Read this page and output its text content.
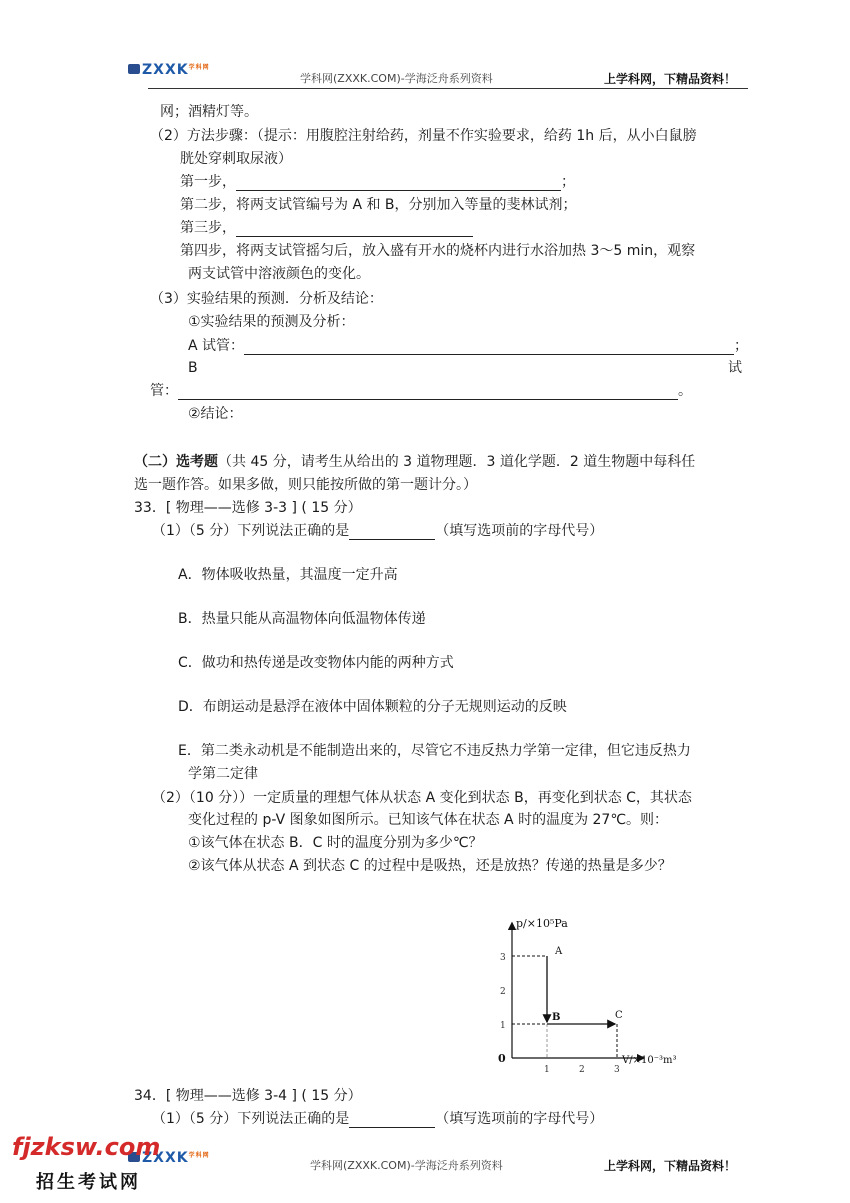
$ZXXK^{学科网}$
学科网(ZXXK.COM)-学海泛舟系列资料	上学科网，下精品资料！
网；酒精灯等。
（2）方法步骤：（提示：用腹腔注射给药，剂量不作实验要求，给药 1h 后，从小白鼠膀
胱处穿刺取尿液）
第一步，	；
第二步，将两支试管编号为 A 和 B，分别加入等量的斐林试剂；
第三步，
第四步，将两支试管摇匀后，放入盛有开水的烧杯内进行水浴加热 3～5 min，观察
两支试管中溶液颜色的变化。
（3）实验结果的预测．分析及结论：
①实验结果的预测及分析：
A 试管：	；
B	试
管：	。
②结论：
（二）选考题（共 45 分，请考生从给出的 3 道物理题．3 道化学题．2 道生物题中每科任
选一题作答。如果多做，则只能按所做的第一题计分。）
33．[ 物理——选修 3-3 ] ( 15 分）
（1）（5 分）下列说法正确的是	（填写选项前的字母代号）
A．物体吸收热量，其温度一定升高
B．热量只能从高温物体向低温物体传递
C．做功和热传递是改变物体内能的两种方式
D．布朗运动是悬浮在液体中固体颗粒的分子无规则运动的反映
E．第二类永动机是不能制造出来的，尽管它不违反热力学第一定律，但它违反热力
学第二定律
（2）（10 分））一定质量的理想气体从状态 A 变化到状态 B，再变化到状态 C，其状态
变化过程的 p-V 图象如图所示。已知该气体在状态 A 时的温度为 27℃。则：
①该气体在状态 B．C 时的温度分别为多少℃？
②该气体从状态 A 到状态 C 的过程中是吸热，还是放热？传递的热量是多少？
p/×10⁵Pa
V/×10⁻³m³
0
1	2	3
1
2
3
A
B	C
34．[ 物理——选修 3-4 ] ( 15 分）
（1）（5 分）下列说法正确的是	（填写选项前的字母代号）
$ZXXK^{学科网}$
学科网(ZXXK.COM)-学海泛舟系列资料	上学科网，下精品资料！
fjzksw.com
招生考试网
